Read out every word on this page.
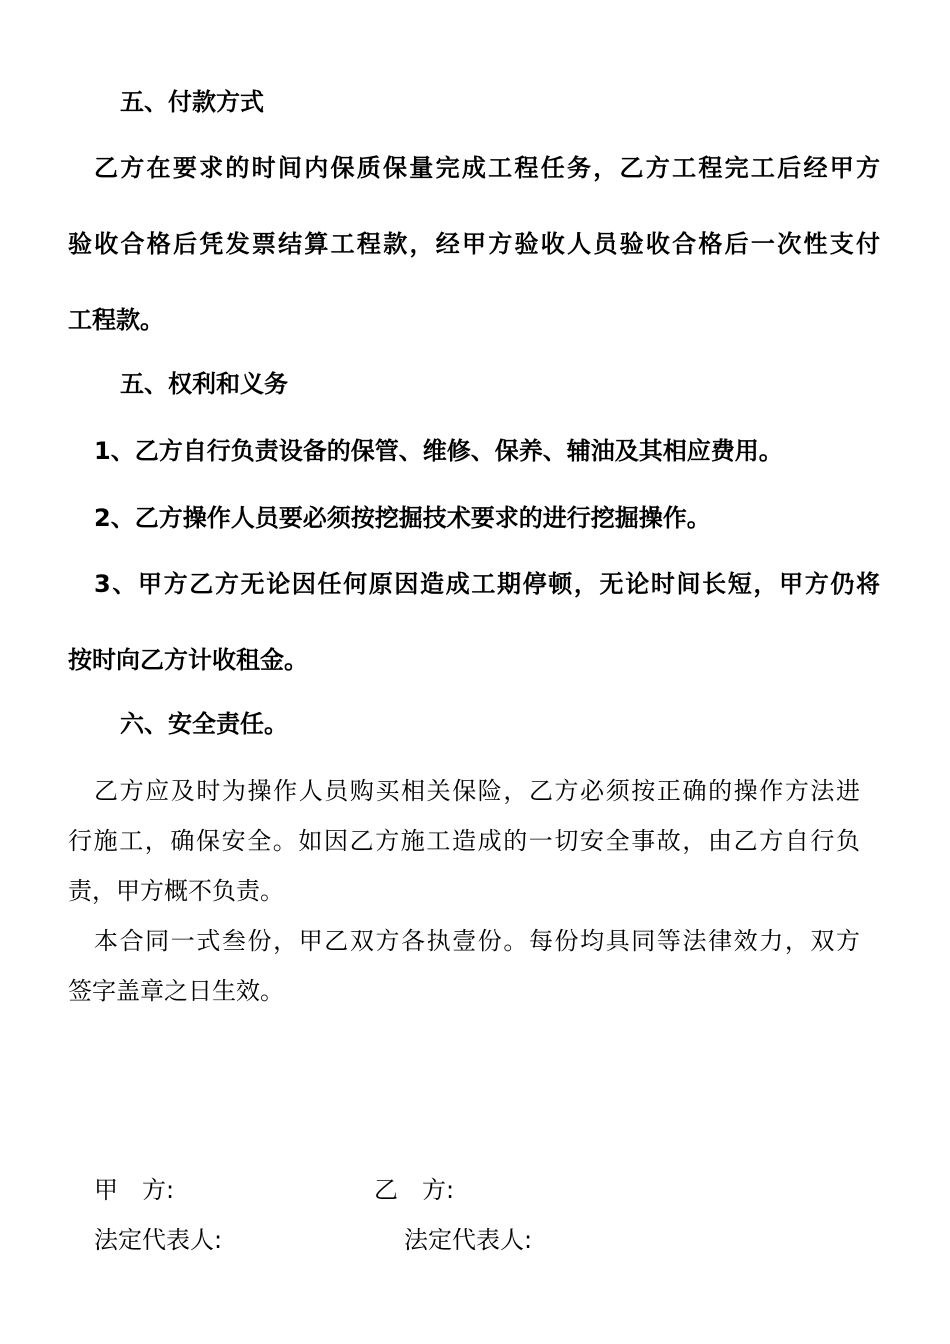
五、付款方式

乙方在要求的时间内保质保量完成工程任务，乙方工程完工后经甲方

验收合格后凭发票结算工程款，经甲方验收人员验收合格后一次性支付

工程款。

五、权利和义务

1、乙方自行负责设备的保管、维修、保养、辅油及其相应费用。

2、乙方操作人员要必须按挖掘技术要求的进行挖掘操作。

3、甲方乙方无论因任何原因造成工期停顿，无论时间长短，甲方仍将

按时向乙方计收租金。

六、安全责任。

乙方应及时为操作人员购买相关保险，乙方必须按正确的操作方法进

行施工，确保安全。如因乙方施工造成的一切安全事故，由乙方自行负

责，甲方概不负责。

本合同一式叁份，甲乙双方各执壹份。每份均具同等法律效力，双方

签字盖章之日生效。

甲　方:	乙　方:
法定代表人:	法定代表人:
